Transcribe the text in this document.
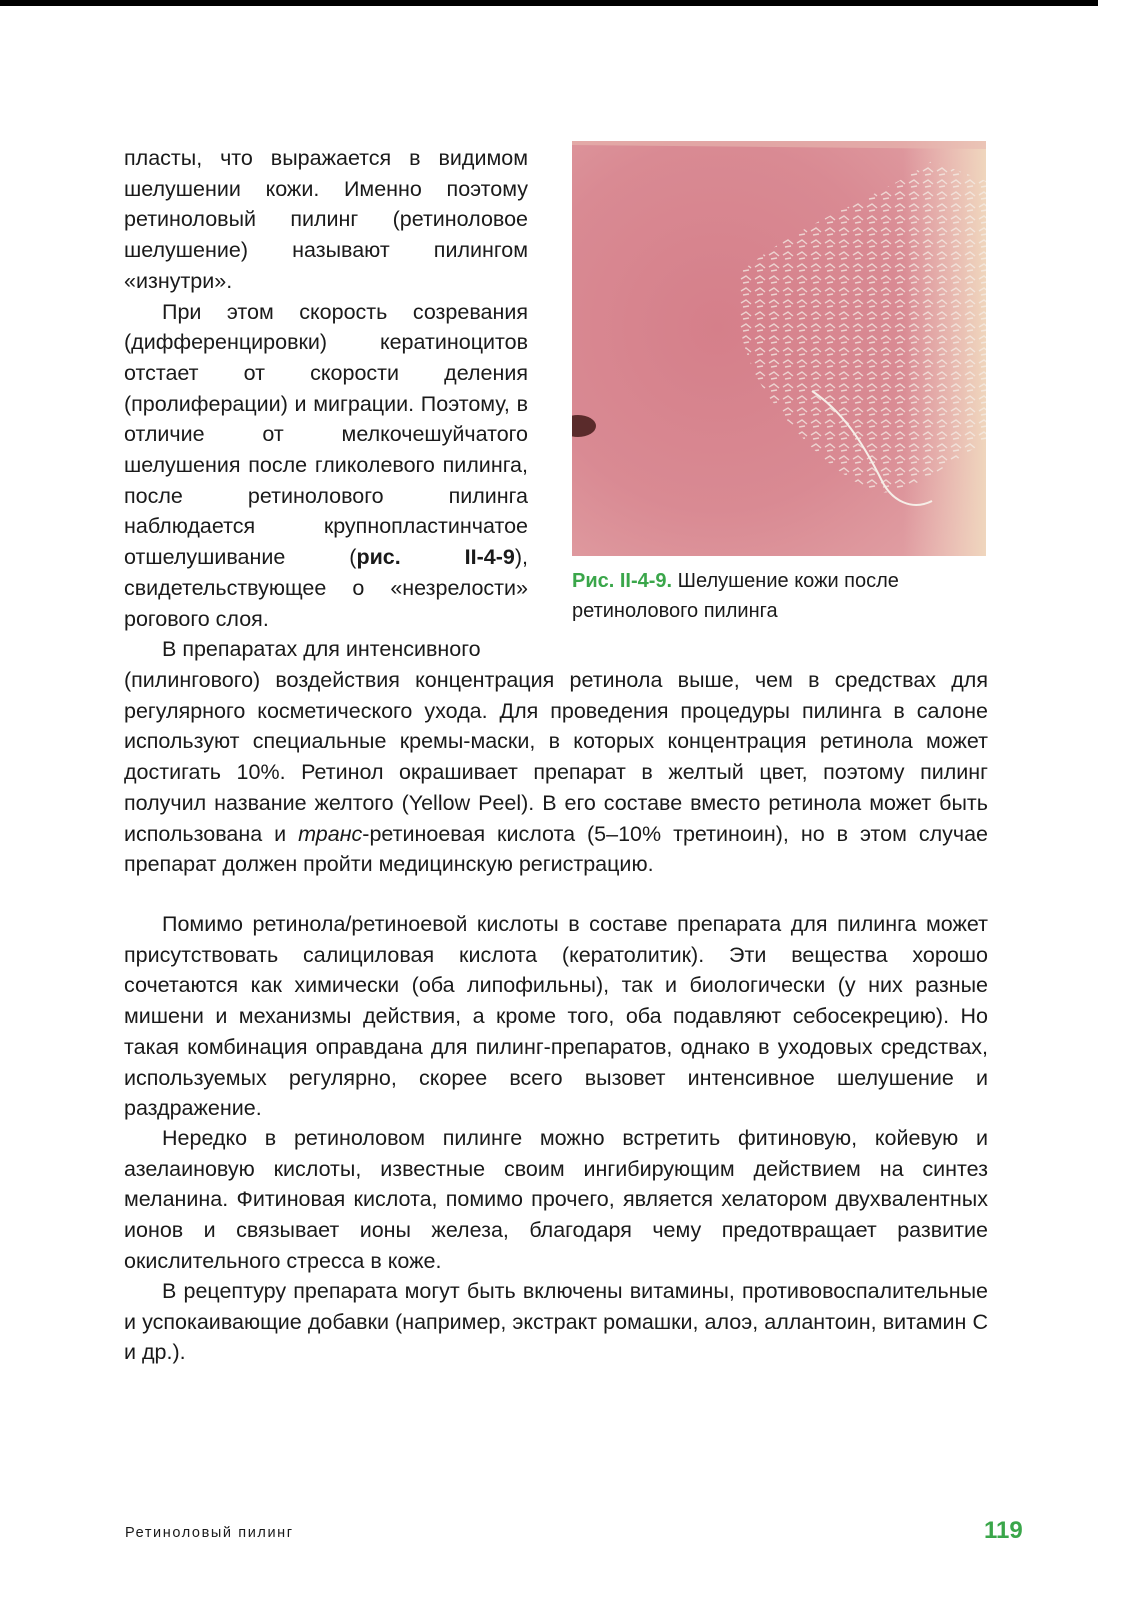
пласты, что выражается в видимом шелушении кожи. Именно поэтому ретиноловый пилинг (ретиноловое шелушение) называют пилингом «изнутри».

При этом скорость созревания (дифференцировки) кератиноцитов отстает от скорости деления (пролиферации) и миграции. Поэтому, в отличие от мелкочешуйчатого шелушения после гликолевого пилинга, после ретинолового пилинга наблюдается крупнопластинчатое отшелушивание (рис. II-4-9), свидетельствующее о «незрелости» рогового слоя.

В препаратах для интенсивного

Рис. II-4-9. Шелушение кожи после ретинолового пилинга

(пилингового) воздействия концентрация ретинола выше, чем в средствах для регулярного косметического ухода. Для проведения процедуры пилинга в салоне используют специальные кремы-маски, в которых концентрация ретинола может достигать 10%. Ретинол окрашивает препарат в желтый цвет, поэтому пилинг получил название желтого (Yellow Peel). В его составе вместо ретинола может быть использована и транс-ретиноевая кислота (5–10% третиноин), но в этом случае препарат должен пройти медицинскую регистрацию.

Помимо ретинола/ретиноевой кислоты в составе препарата для пилинга может присутствовать салициловая кислота (кератолитик). Эти вещества хорошо сочетаются как химически (оба липофильны), так и биологически (у них разные мишени и механизмы действия, а кроме того, оба подавляют себосекрецию). Но такая комбинация оправдана для пилинг-препаратов, однако в уходовых средствах, используемых регулярно, скорее всего вызовет интенсивное шелушение и раздражение.

Нередко в ретиноловом пилинге можно встретить фитиновую, койевую и азелаиновую кислоты, известные своим ингибирующим действием на синтез меланина. Фитиновая кислота, помимо прочего, является хелатором двухвалентных ионов и связывает ионы железа, благодаря чему предотвращает развитие окислительного стресса в коже.

В рецептуру препарата могут быть включены витамины, противовоспалительные и успокаивающие добавки (например, экстракт ромашки, алоэ, аллантоин, витамин С и др.).

Ретиноловый пилинг	119
